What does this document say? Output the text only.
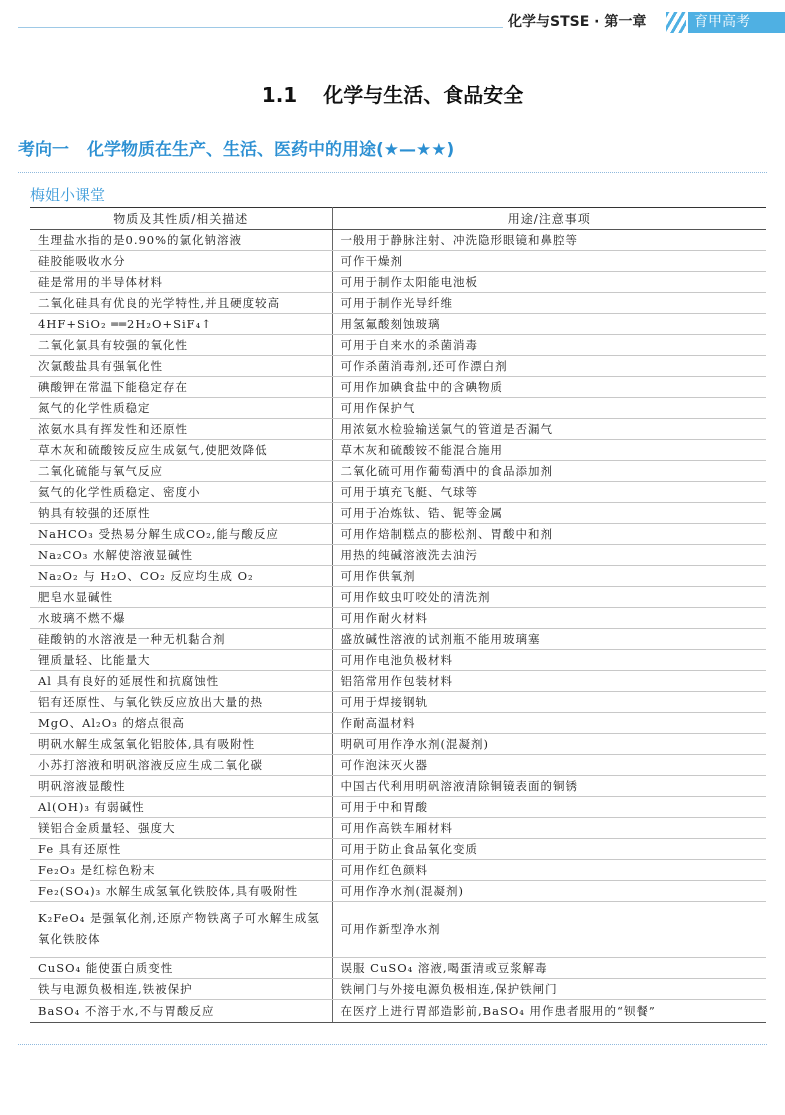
化学与STSE · 第一章	育甲高考
1.1 化学与生活、食品安全
考向一 化学物质在生产、生活、医药中的用途(★—★★)
梅姐小课堂
物质及其性质/相关描述	用途/注意事项
生理盐水指的是0.90%的氯化钠溶液	一般用于静脉注射、冲洗隐形眼镜和鼻腔等
硅胶能吸收水分	可作干燥剂
硅是常用的半导体材料	可用于制作太阳能电池板
二氧化硅具有优良的光学特性,并且硬度较高	可用于制作光导纤维
4HF+SiO₂ ══2H₂O+SiF₄↑	用氢氟酸刻蚀玻璃
二氧化氯具有较强的氧化性	可用于自来水的杀菌消毒
次氯酸盐具有强氧化性	可作杀菌消毒剂,还可作漂白剂
碘酸钾在常温下能稳定存在	可用作加碘食盐中的含碘物质
氮气的化学性质稳定	可用作保护气
浓氨水具有挥发性和还原性	用浓氨水检验输送氯气的管道是否漏气
草木灰和硫酸铵反应生成氨气,使肥效降低	草木灰和硫酸铵不能混合施用
二氧化硫能与氧气反应	二氧化硫可用作葡萄酒中的食品添加剂
氦气的化学性质稳定、密度小	可用于填充飞艇、气球等
钠具有较强的还原性	可用于冶炼钛、锆、铌等金属
NaHCO₃ 受热易分解生成CO₂,能与酸反应	可用作焙制糕点的膨松剂、胃酸中和剂
Na₂CO₃ 水解使溶液显碱性	用热的纯碱溶液洗去油污
Na₂O₂ 与 H₂O、CO₂ 反应均生成 O₂	可用作供氧剂
肥皂水显碱性	可用作蚊虫叮咬处的清洗剂
水玻璃不燃不爆	可用作耐火材料
硅酸钠的水溶液是一种无机黏合剂	盛放碱性溶液的试剂瓶不能用玻璃塞
锂质量轻、比能量大	可用作电池负极材料
Al 具有良好的延展性和抗腐蚀性	铝箔常用作包装材料
铝有还原性、与氧化铁反应放出大量的热	可用于焊接钢轨
MgO、Al₂O₃ 的熔点很高	作耐高温材料
明矾水解生成氢氧化铝胶体,具有吸附性	明矾可用作净水剂(混凝剂)
小苏打溶液和明矾溶液反应生成二氧化碳	可作泡沫灭火器
明矾溶液显酸性	中国古代利用明矾溶液清除铜镜表面的铜锈
Al(OH)₃ 有弱碱性	可用于中和胃酸
镁铝合金质量轻、强度大	可用作高铁车厢材料
Fe 具有还原性	可用于防止食品氧化变质
Fe₂O₃ 是红棕色粉末	可用作红色颜料
Fe₂(SO₄)₃ 水解生成氢氧化铁胶体,具有吸附性	可用作净水剂(混凝剂)
K₂FeO₄ 是强氧化剂,还原产物铁离子可水解生成氢氧化铁胶体	可用作新型净水剂
CuSO₄ 能使蛋白质变性	误服 CuSO₄ 溶液,喝蛋清或豆浆解毒
铁与电源负极相连,铁被保护	铁闸门与外接电源负极相连,保护铁闸门
BaSO₄ 不溶于水,不与胃酸反应	在医疗上进行胃部造影前,BaSO₄ 用作患者服用的“钡餐”
